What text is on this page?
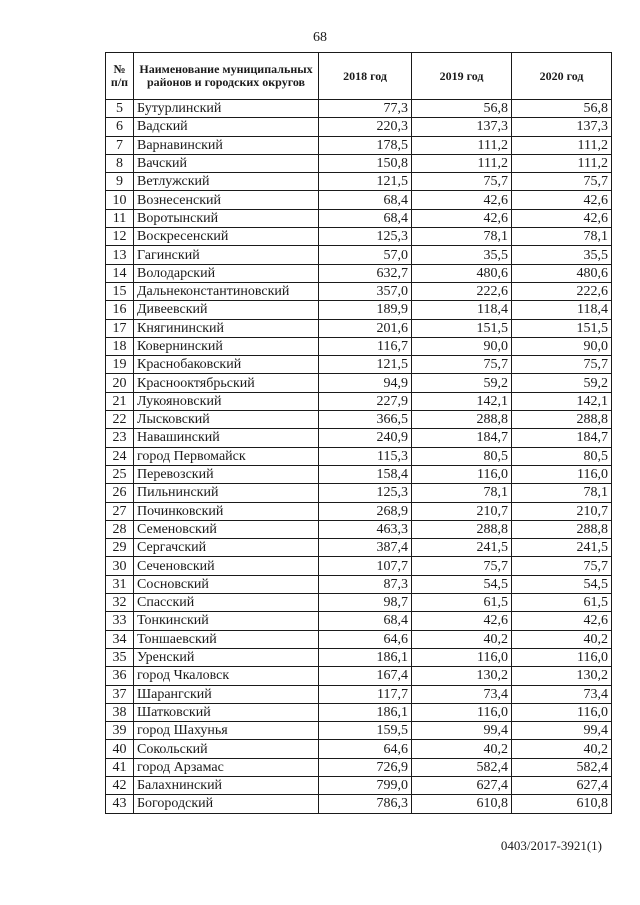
68
№ п/п	Наименование муниципальных районов и городских округов	2018 год	2019 год	2020 год
5	Бутурлинский	77,3	56,8	56,8
6	Вадский	220,3	137,3	137,3
7	Варнавинский	178,5	111,2	111,2
8	Вачский	150,8	111,2	111,2
9	Ветлужский	121,5	75,7	75,7
10	Вознесенский	68,4	42,6	42,6
11	Воротынский	68,4	42,6	42,6
12	Воскресенский	125,3	78,1	78,1
13	Гагинский	57,0	35,5	35,5
14	Володарский	632,7	480,6	480,6
15	Дальнеконстантиновский	357,0	222,6	222,6
16	Дивеевский	189,9	118,4	118,4
17	Княгининский	201,6	151,5	151,5
18	Ковернинский	116,7	90,0	90,0
19	Краснобаковский	121,5	75,7	75,7
20	Краснооктябрьский	94,9	59,2	59,2
21	Лукояновский	227,9	142,1	142,1
22	Лысковский	366,5	288,8	288,8
23	Навашинский	240,9	184,7	184,7
24	город Первомайск	115,3	80,5	80,5
25	Перевозский	158,4	116,0	116,0
26	Пильнинский	125,3	78,1	78,1
27	Починковский	268,9	210,7	210,7
28	Семеновский	463,3	288,8	288,8
29	Сергачский	387,4	241,5	241,5
30	Сеченовский	107,7	75,7	75,7
31	Сосновский	87,3	54,5	54,5
32	Спасский	98,7	61,5	61,5
33	Тонкинский	68,4	42,6	42,6
34	Тоншаевский	64,6	40,2	40,2
35	Уренский	186,1	116,0	116,0
36	город Чкаловск	167,4	130,2	130,2
37	Шарангский	117,7	73,4	73,4
38	Шатковский	186,1	116,0	116,0
39	город Шахунья	159,5	99,4	99,4
40	Сокольский	64,6	40,2	40,2
41	город Арзамас	726,9	582,4	582,4
42	Балахнинский	799,0	627,4	627,4
43	Богородский	786,3	610,8	610,8
0403/2017-3921(1)
